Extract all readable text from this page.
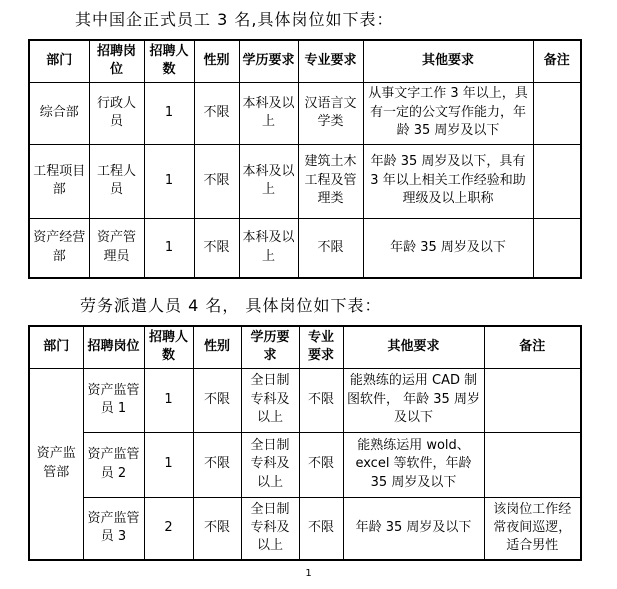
其中国企正式员工 3 名,具体岗位如下表：
部门	招聘岗位	招聘人数	性别	学历要求	专业要求	其他要求	备注
综合部	行政人员	1	不限	本科及以上	汉语言文学类	从事文字工作 3 年以上，具有一定的公文写作能力，年龄 35 周岁及以下	
工程项目部	工程人员	1	不限	本科及以上	建筑土木工程及管理类	年龄 35 周岁及以下，具有 3 年以上相关工作经验和助理级及以上职称	
资产经营部	资产管理员	1	不限	本科及以上	不限	年龄 35 周岁及以下	
劳务派遣人员 4 名， 具体岗位如下表：
部门	招聘岗位	招聘人数	性别	学历要求	专业要求	其他要求	备注
资产监管部	资产监管员 1	1	不限	全日制专科及以上	不限	能熟练的运用 CAD 制图软件， 年龄 35 周岁及以下	
	资产监管员 2	1	不限	全日制专科及以上	不限	能熟练运用 wold、excel 等软件，年龄 35 周岁及以下	
	资产监管员 3	2	不限	全日制专科及以上	不限	年龄 35 周岁及以下	该岗位工作经常夜间巡逻，适合男性
1
